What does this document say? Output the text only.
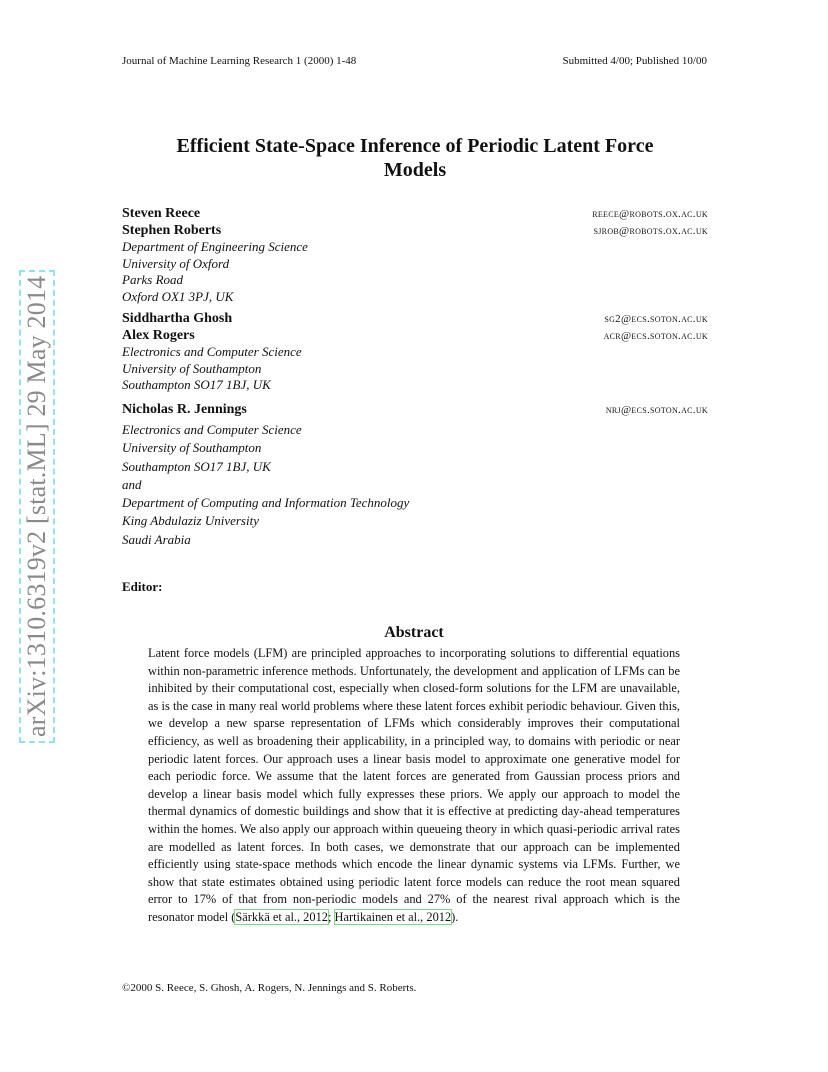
Journal of Machine Learning Research 1 (2000) 1-48	Submitted 4/00; Published 10/00
arXiv:1310.6319v2 [stat.ML] 29 May 2014
Efficient State-Space Inference of Periodic Latent Force
Models
Steven Reece	reece@robots.ox.ac.uk
Stephen Roberts	sjrob@robots.ox.ac.uk
Department of Engineering Science
University of Oxford
Parks Road
Oxford OX1 3PJ, UK
Siddhartha Ghosh	sg2@ecs.soton.ac.uk
Alex Rogers	acr@ecs.soton.ac.uk
Electronics and Computer Science
University of Southampton
Southampton SO17 1BJ, UK
Nicholas R. Jennings	nrj@ecs.soton.ac.uk
Electronics and Computer Science
University of Southampton
Southampton SO17 1BJ, UK
and
Department of Computing and Information Technology
King Abdulaziz University
Saudi Arabia
Editor:
Abstract
Latent force models (LFM) are principled approaches to incorporating solutions to differential equations within non-parametric inference methods. Unfortunately, the development and application of LFMs can be inhibited by their computational cost, especially when closed-form solutions for the LFM are unavailable, as is the case in many real world problems where these latent forces exhibit periodic behaviour. Given this, we develop a new sparse representation of LFMs which considerably improves their computational efficiency, as well as broadening their applicability, in a principled way, to domains with periodic or near periodic latent forces. Our approach uses a linear basis model to approximate one generative model for each periodic force. We assume that the latent forces are generated from Gaussian process priors and develop a linear basis model which fully expresses these priors. We apply our approach to model the thermal dynamics of domestic buildings and show that it is effective at predicting day-ahead temperatures within the homes. We also apply our approach within queueing theory in which quasi-periodic arrival rates are modelled as latent forces. In both cases, we demonstrate that our approach can be implemented efficiently using state-space methods which encode the linear dynamic systems via LFMs. Further, we show that state estimates obtained using periodic latent force models can reduce the root mean squared error to 17% of that from non-periodic models and 27% of the nearest rival approach which is the resonator model (Särkkä et al., 2012; Hartikainen et al., 2012).
©2000 S. Reece, S. Ghosh, A. Rogers, N. Jennings and S. Roberts.
